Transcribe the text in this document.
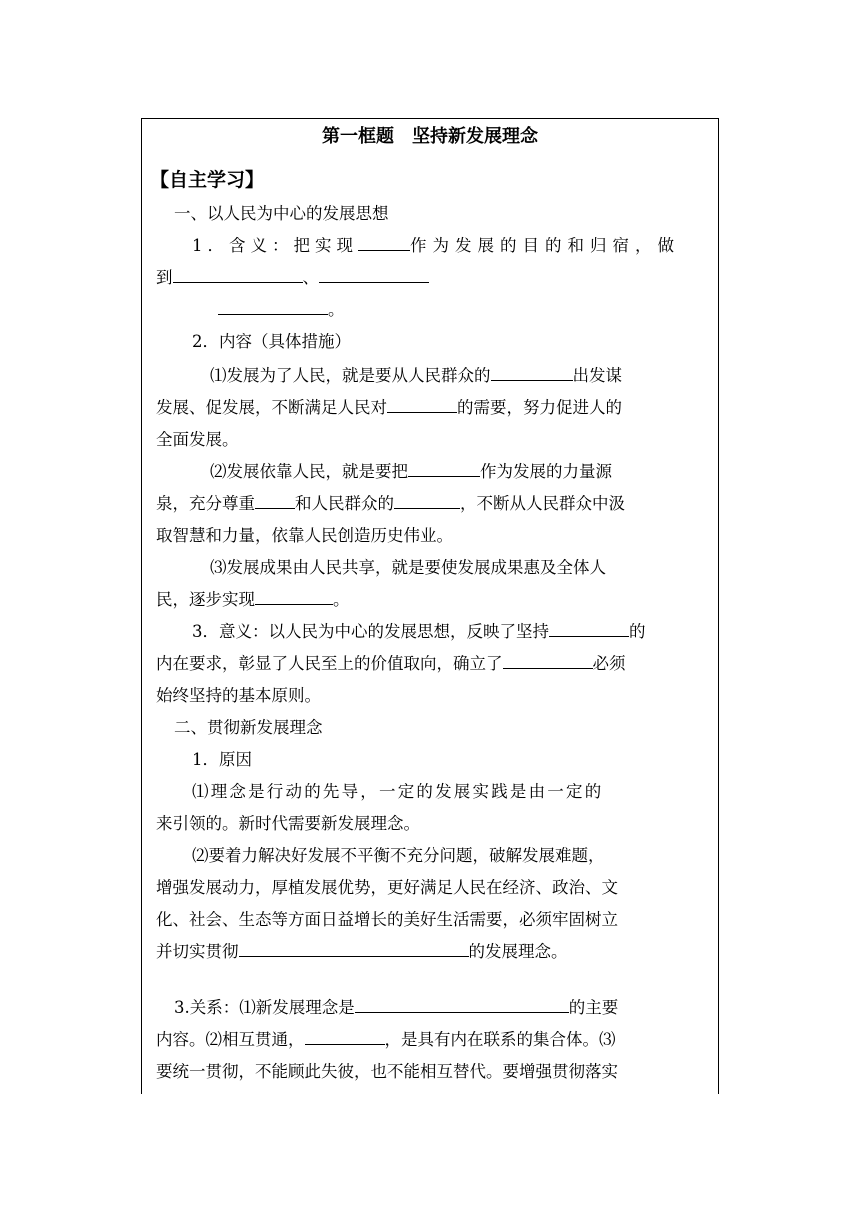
第一框题　坚持新发展理念
【自主学习】
一、以人民为中心的发展思想
1．含义：把实现	作为发展的目的和归宿，做
到	、
。
2．内容（具体措施）
⑴发展为了人民，就是要从人民群众的	出发谋
发展、促发展，不断满足人民对	的需要，努力促进人的
全面发展。
⑵发展依靠人民，就是要把	作为发展的力量源
泉，充分尊重 和人民群众的	，不断从人民群众中汲
取智慧和力量，依靠人民创造历史伟业。
⑶发展成果由人民共享，就是要使发展成果惠及全体人
民，逐步实现	。
3．意义：以人民为中心的发展思想，反映了坚持	的
内在要求，彰显了人民至上的价值取向，确立了	必须
始终坚持的基本原则。
二、贯彻新发展理念
1．原因
⑴理念是行动的先导，一定的发展实践是由一定的
来引领的。新时代需要新发展理念。
⑵要着力解决好发展不平衡不充分问题，破解发展难题，
增强发展动力，厚植发展优势，更好满足人民在经济、政治、文
化、社会、生态等方面日益增长的美好生活需要，必须牢固树立
并切实贯彻	的发展理念。
3.关系：⑴新发展理念是	的主要
内容。⑵相互贯通，	，是具有内在联系的集合体。⑶
要统一贯彻，不能顾此失彼，也不能相互替代。要增强贯彻落实
